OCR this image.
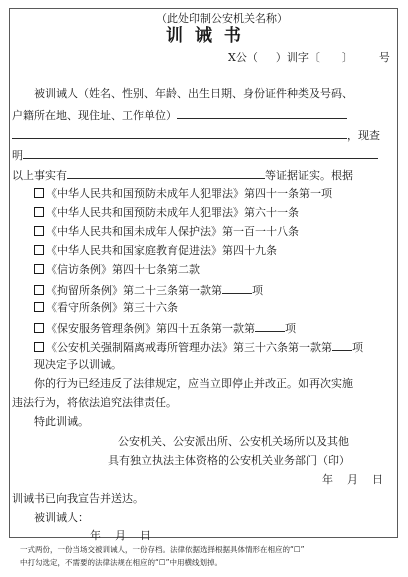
（此处印制公安机关名称）
训 诫 书
X公（ ）训字〔 〕 号
被训诫人（姓名、性别、年龄、出生日期、身份证件种类及号码、
户籍所在地、现住址、工作单位）
，现查
明
以上事实有	等证据证实。根据
《中华人民共和国预防未成年人犯罪法》第四十一条第一项
《中华人民共和国预防未成年人犯罪法》第六十一条
《中华人民共和国未成年人保护法》第一百一十八条
《中华人民共和国家庭教育促进法》第四十九条
《信访条例》第四十七条第二款
《拘留所条例》第二十三条第一款第	项
《看守所条例》第三十六条
《保安服务管理条例》第四十五条第一款第	项
《公安机关强制隔离戒毒所管理办法》第三十六条第一款第 项
现决定予以训诫。
你的行为已经违反了法律规定，应当立即停止并改正。如再次实施
违法行为，将依法追究法律责任。
特此训诫。
公安机关、公安派出所、公安机关场所以及其他
具有独立执法主体资格的公安机关业务部门（印）
年    月    日
训诫书已向我宣告并送达。
被训诫人：
年    月    日
一式两份，一份当场交被训诫人，一份存档。法律依据选择根据具体情形在相应的“☐”
中打勾选定，不需要的法律法规在相应的“☐”中用横线划掉。
